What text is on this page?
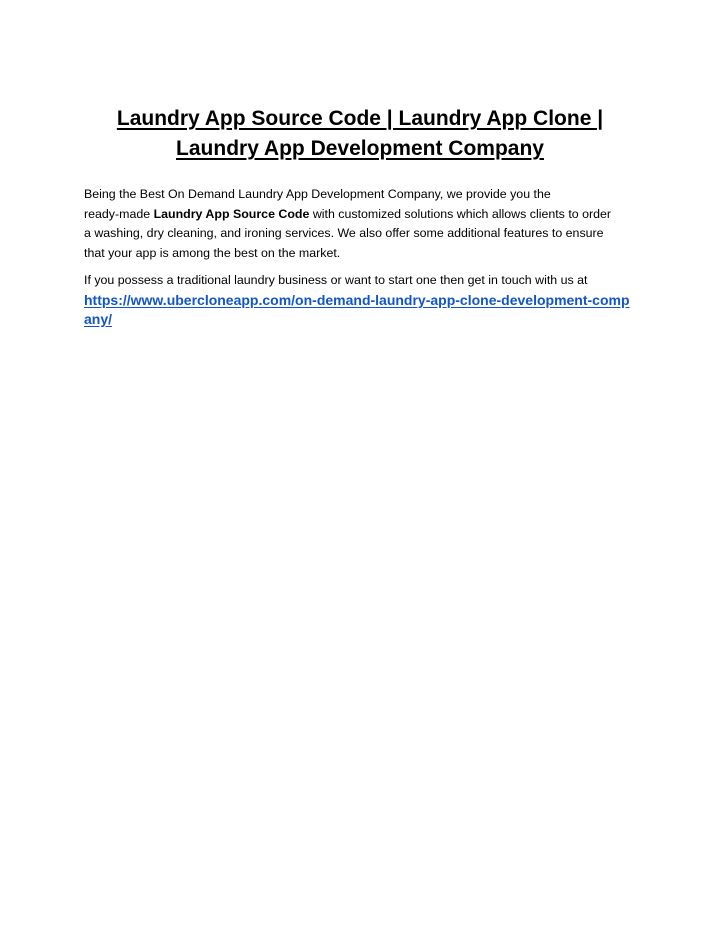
Laundry App Source Code | Laundry App Clone |
Laundry App Development Company

Being the Best On Demand Laundry App Development Company, we provide you the
ready-made Laundry App Source Code with customized solutions which allows clients to order
a washing, dry cleaning, and ironing services. We also offer some additional features to ensure
that your app is among the best on the market.

If you possess a traditional laundry business or want to start one then get in touch with us at
https://www.ubercloneapp.com/on-demand-laundry-app-clone-development-comp
any/
